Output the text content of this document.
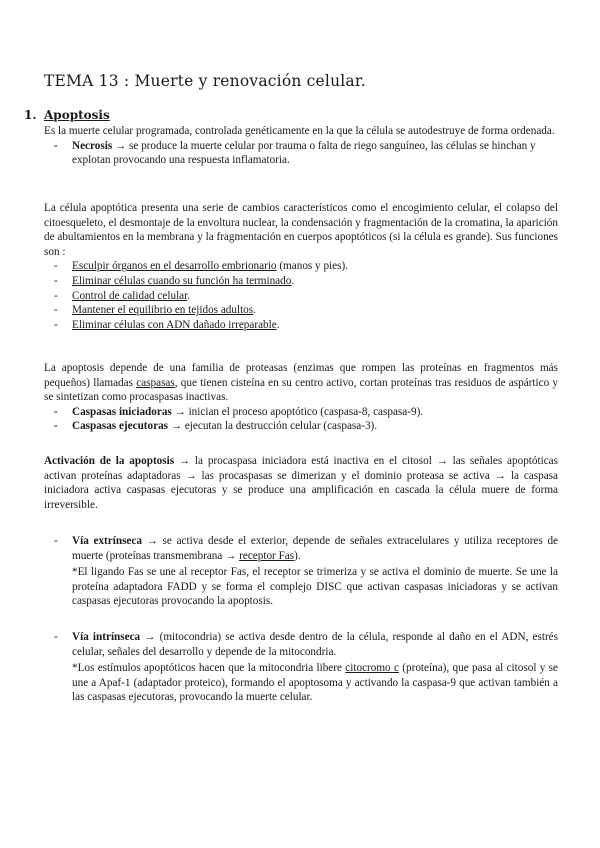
TEMA 13 : Muerte y renovación celular.
1. Apoptosis
Es la muerte celular programada, controlada genéticamente en la que la célula se autodestruye de forma ordenada.
-	Necrosis → se produce la muerte celular por trauma o falta de riego sanguíneo, las células se hinchan y explotan provocando una respuesta inflamatoria.
La célula apoptótica presenta una serie de cambios característicos como el encogimiento celular, el colapso del citoesqueleto, el desmontaje de la envoltura nuclear, la condensación y fragmentación de la cromatina, la aparición de abultamientos en la membrana y la fragmentación en cuerpos apoptóticos (si la célula es grande). Sus funciones son :
-	Esculpir órganos en el desarrollo embrionario (manos y pies).
-	Eliminar células cuando su función ha terminado.
-	Control de calidad celular.
-	Mantener el equilibrio en tejidos adultos.
-	Eliminar células con ADN dañado irreparable.
La apoptosis depende de una familia de proteasas (enzimas que rompen las proteínas en fragmentos más pequeños) llamadas caspasas, que tienen cisteína en su centro activo, cortan proteínas tras residuos de aspártico y se sintetizan como procaspasas inactivas.
-	Caspasas iniciadoras → inician el proceso apoptótico (caspasa-8, caspasa-9).
-	Caspasas ejecutoras → ejecutan la destrucción celular (caspasa-3).
Activación de la apoptosis → la procaspasa iniciadora está inactiva en el citosol → las señales apoptóticas activan proteínas adaptadoras → las procaspasas se dimerizan y el dominio proteasa se activa → la caspasa iniciadora activa caspasas ejecutoras y se produce una amplificación en cascada la célula muere de forma irreversible.
-	Vía extrínseca → se activa desde el exterior, depende de señales extracelulares y utiliza receptores de muerte (proteínas transmembrana → receptor Fas).
*El ligando Fas se une al receptor Fas, el receptor se trimeriza y se activa el dominio de muerte. Se une la proteína adaptadora FADD y se forma el complejo DISC que activan caspasas iniciadoras y se activan caspasas ejecutoras provocando la apoptosis.
-	Vía intrínseca → (mitocondria) se activa desde dentro de la célula, responde al daño en el ADN, estrés celular, señales del desarrollo y depende de la mitocondria.
*Los estímulos apoptóticos hacen que la mitocondria libere citocromo c (proteína), que pasa al citosol y se une a Apaf-1 (adaptador proteico), formando el apoptosoma y activando la caspasa-9 que activan también a las caspasas ejecutoras, provocando la muerte celular.
